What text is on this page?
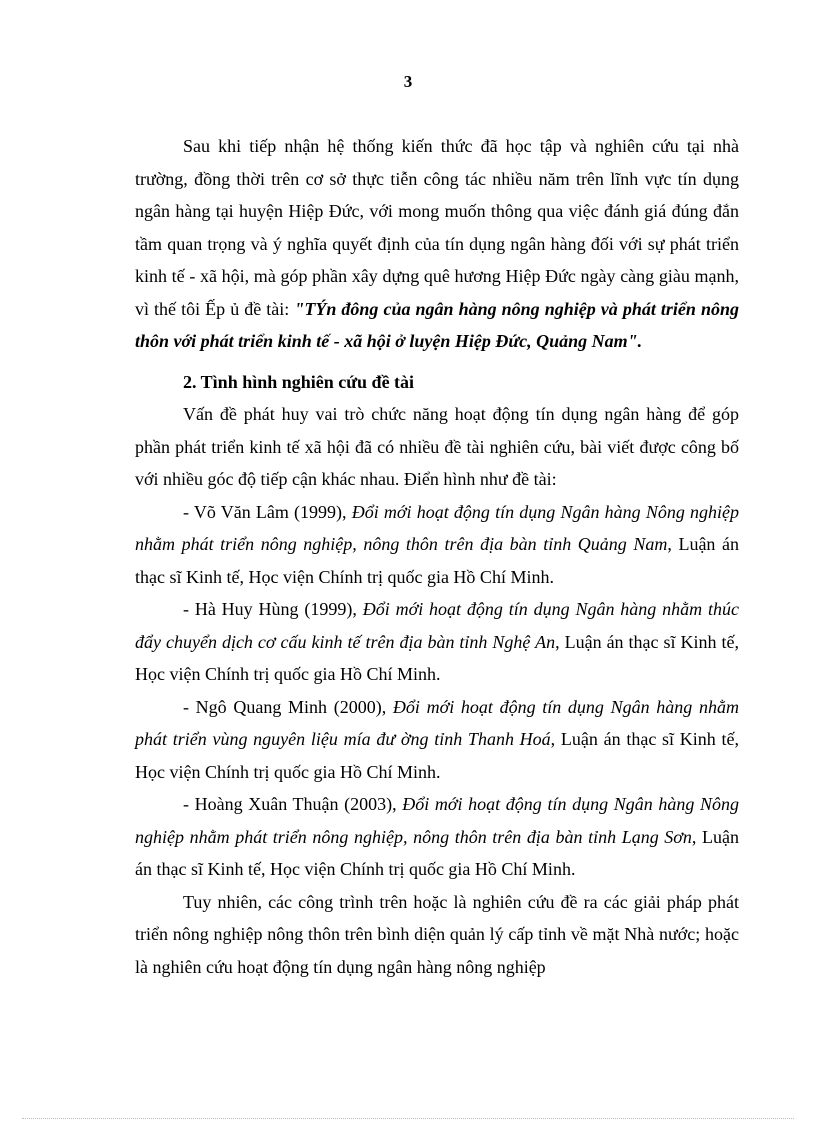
3

Sau khi tiếp nhận hệ thống kiến thức đã học tập và nghiên cứu tại nhà trường, đồng thời trên cơ sở thực tiễn công tác nhiều năm trên lĩnh vực tín dụng ngân hàng tại huyện Hiệp Đức, với mong muốn thông qua việc đánh giá đúng đắn tầm quan trọng và ý nghĩa quyết định của tín dụng ngân hàng đối với sự phát triển kinh tế - xã hội, mà góp phần xây dựng quê hương Hiệp Đức ngày càng giàu mạnh, vì thế tôi Ếp ủ đề tài: "TÝn đông của ngân hàng nông nghiệp và phát triển nông thôn với phát triển kinh tế - xã hội ở luyện Hiệp Đức, Quảng Nam".

2. Tình hình nghiên cứu đề tài

Vấn đề phát huy vai trò chức năng hoạt động tín dụng ngân hàng để góp phần phát triển kinh tế xã hội đã có nhiều đề tài nghiên cứu, bài viết được công bố với nhiều góc độ tiếp cận khác nhau. Điển hình như đề tài:

- Võ Văn Lâm (1999), Đổi mới hoạt động tín dụng Ngân hàng Nông nghiệp nhằm phát triển nông nghiệp, nông thôn trên địa bàn tỉnh Quảng Nam, Luận án thạc sĩ Kinh tế, Học viện Chính trị quốc gia Hồ Chí Minh.

- Hà Huy Hùng (1999), Đổi mới hoạt động tín dụng Ngân hàng nhằm thúc đẩy chuyển dịch cơ cấu kinh tế trên địa bàn tỉnh Nghệ An, Luận án thạc sĩ Kinh tế, Học viện Chính trị quốc gia Hồ Chí Minh.

- Ngô Quang Minh (2000), Đổi mới hoạt động tín dụng Ngân hàng nhằm phát triển vùng nguyên liệu mía đư ờng tỉnh Thanh Hoá, Luận án thạc sĩ Kinh tế, Học viện Chính trị quốc gia Hồ Chí Minh.

- Hoàng Xuân Thuận (2003), Đổi mới hoạt động tín dụng Ngân hàng Nông nghiệp nhằm phát triển nông nghiệp, nông thôn trên địa bàn tỉnh Lạng Sơn, Luận án thạc sĩ Kinh tế, Học viện Chính trị quốc gia Hồ Chí Minh.

Tuy nhiên, các công trình trên hoặc là nghiên cứu đề ra các giải pháp phát triển nông nghiệp nông thôn trên bình diện quản lý cấp tỉnh về mặt Nhà nước; hoặc là nghiên cứu hoạt động tín dụng ngân hàng nông nghiệp
